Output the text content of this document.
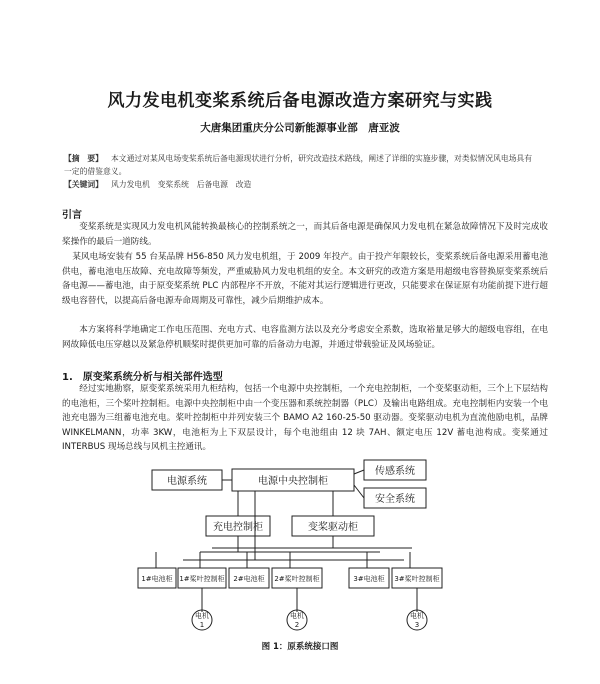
风力发电机变桨系统后备电源改造方案研究与实践
大唐集团重庆分公司新能源事业部　唐亚波
【摘　要】 本文通过对某风电场变桨系统后备电源现状进行分析，研究改造技术路线，阐述了详细的实施步骤，对类似情况风电场具有一定的借鉴意义。
【关键词】 风力发电机　变桨系统　后备电源　改造
引言

变桨系统是实现风力发电机风能转换最核心的控制系统之一，而其后备电源是确保风力发电机在紧急故障情况下及时完成收桨操作的最后一道防线。

某风电场安装有 55 台某品牌 H56-850 风力发电机组，于 2009 年投产。由于投产年限较长，变桨系统后备电源采用蓄电池供电，蓄电池电压故障、充电故障等频发，严重威胁风力发电机组的安全。本文研究的改造方案是用超级电容替换原变桨系统后备电源——蓄电池，由于原变桨系统 PLC 内部程序不开放，不能对其运行逻辑进行更改，只能要求在保证原有功能前提下进行超级电容替代，以提高后备电源寿命周期及可靠性，减少后期维护成本。

本方案将科学地确定工作电压范围、充电方式、电容监测方法以及充分考虑安全系数，选取裕量足够大的超级电容组，在电网故障低电压穿越以及紧急停机顺桨时提供更加可靠的后备动力电源，并通过带载验证及风场验证。

1.　原变桨系统分析与相关部件选型

经过实地勘察，原变桨系统采用九柜结构，包括一个电源中央控制柜，一个充电控制柜，一个变桨驱动柜，三个上下层结构的电池柜，三个桨叶控制柜。电源中央控制柜中由一个变压器和系统控制器（PLC）及输出电路组成。充电控制柜内安装一个电池充电器为三组蓄电池充电。桨叶控制柜中并列安装三个 BAMO A2 160-25-50 驱动器。变桨驱动电机为直流他励电机，品牌 WINKELMANN，功率 3KW，电池柜为上下双层设计，每个电池组由 12 块 7AH、额定电压 12V 蓄电池构成。变桨通过 INTERBUS 现场总线与风机主控通讯。

电源系统	电源中央控制柜
传感系统
安全系统
充电控制柜	变桨驱动柜
1#电池柜 1#桨叶控制柜 2#电池柜 2#桨叶控制柜	3#电池柜 3#桨叶控制柜
电机
1
电机
2
电机
3
图 1：原系统接口图
